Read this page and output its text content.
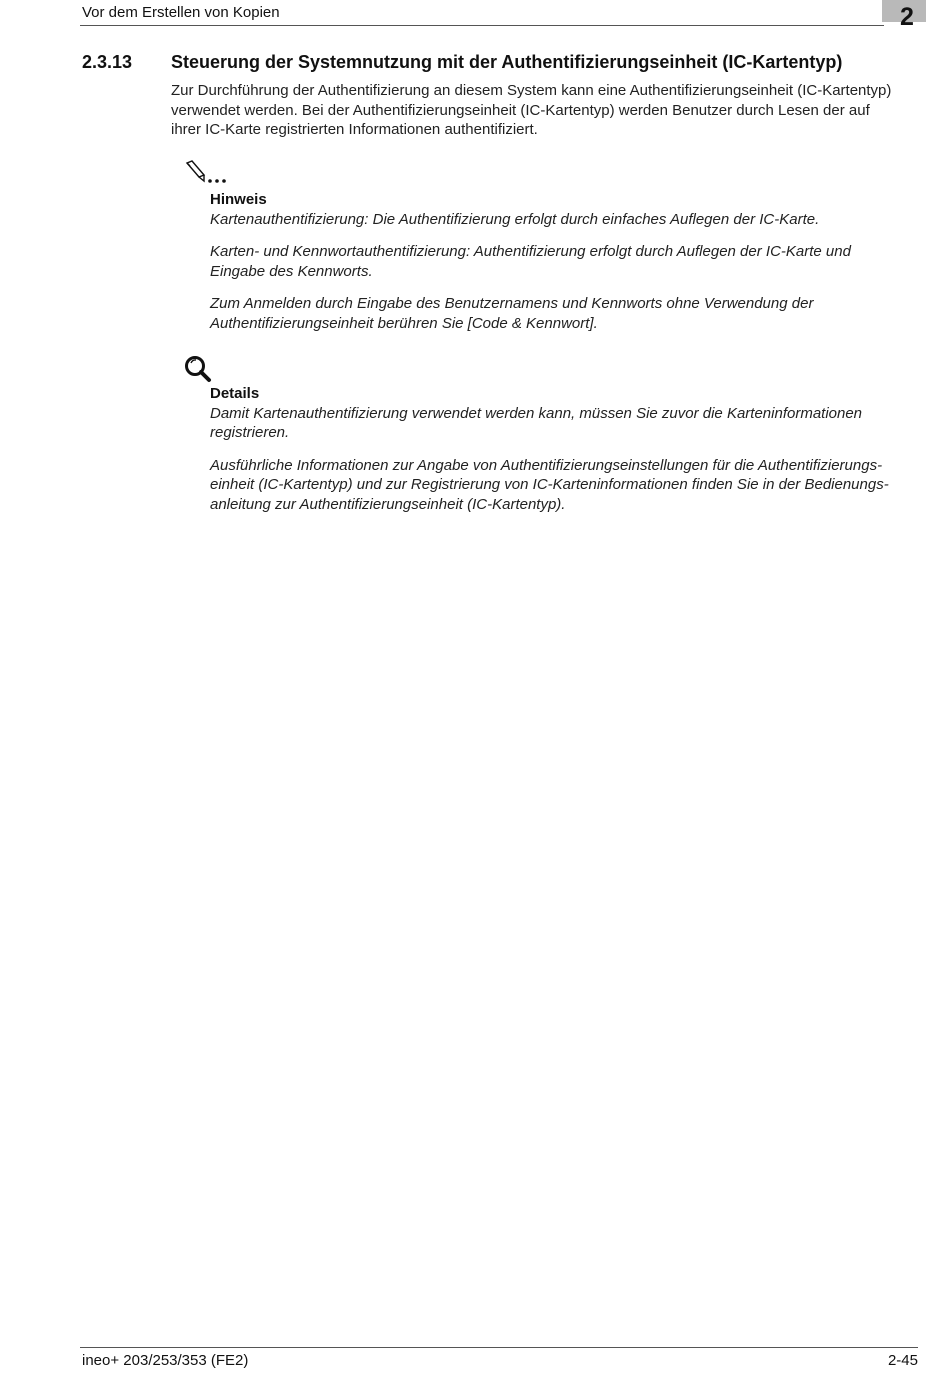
Vor dem Erstellen von Kopien	2
2.3.13 Steuerung der Systemnutzung mit der Authentifizierungseinheit (IC-Kartentyp)

Zur Durchführung der Authentifizierung an diesem System kann eine Authentifizierungseinheit (IC-Kartentyp)

verwendet werden. Bei der Authentifizierungseinheit (IC-Kartentyp) werden Benutzer durch Lesen der auf

ihrer IC-Karte registrierten Informationen authentifiziert.

Hinweis

Kartenauthentifizierung: Die Authentifizierung erfolgt durch einfaches Auflegen der IC-Karte.

Karten- und Kennwortauthentifizierung: Authentifizierung erfolgt durch Auflegen der IC-Karte und
Eingabe des Kennworts.

Zum Anmelden durch Eingabe des Benutzernamens und Kennworts ohne Verwendung der
Authentifizierungseinheit berühren Sie [Code & Kennwort].

Details

Damit Kartenauthentifizierung verwendet werden kann, müssen Sie zuvor die Karteninformationen
registrieren.

Ausführliche Informationen zur Angabe von Authentifizierungseinstellungen für die Authentifizierungs-
einheit (IC-Kartentyp) und zur Registrierung von IC-Karteninformationen finden Sie in der Bedienungs-
anleitung zur Authentifizierungseinheit (IC-Kartentyp).

ineo+ 203/253/353 (FE2)	2-45
